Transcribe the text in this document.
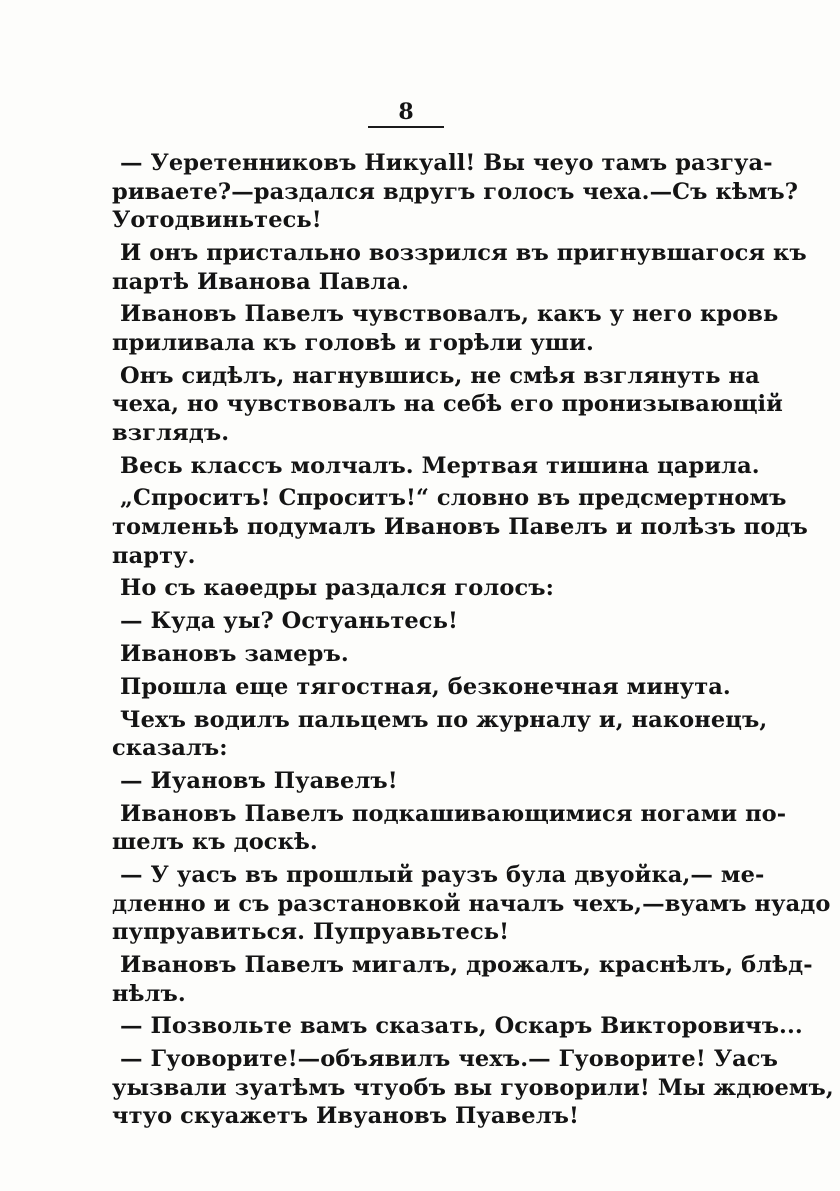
8
— Уеретенниковъ Никуаll! Вы чеуо тамъ разгуа-
риваете?—раздался вдругъ голосъ чеха.—Съ кѣмъ?
Уотодвиньтесь!
И онъ пристально воззрился въ пригнувшагося къ
партѣ Иванова Павла.
Ивановъ Павелъ чувствовалъ, какъ у него кровь
приливала къ головѣ и горѣли уши.
Онъ сидѣлъ, нагнувшись, не смѣя взглянуть на
чеха, но чувствовалъ на себѣ его пронизывающій
взглядъ.
Весь классъ молчалъ. Мертвая тишина царила.
„Спроситъ! Спроситъ!“ словно въ предсмертномъ
томленьѣ подумалъ Ивановъ Павелъ и полѣзъ подъ
парту.
Но съ каѳедры раздался голосъ:
— Куда уы? Остуаньтесь!
Ивановъ замеръ.
Прошла еще тягостная, безконечная минута.
Чехъ водилъ пальцемъ по журналу и, наконецъ,
сказалъ:
— Иуановъ Пуавелъ!
Ивановъ Павелъ подкашивающимися ногами по-
шелъ къ доскѣ.
— У уасъ въ прошлый раузъ була двуойка,— ме-
дленно и съ разстановкой началъ чехъ,—вуамъ нуадо
пупруавиться. Пупруавьтесь!
Ивановъ Павелъ мигалъ, дрожалъ, краснѣлъ, блѣд-
нѣлъ.
— Позвольте вамъ сказать, Оскаръ Викторовичъ...
— Гуоворите!—объявилъ чехъ.— Гуоворите! Уасъ
уызвали зуатѣмъ чтуобъ вы гуоворили! Мы ждюемъ,
чтуо скуажетъ Ивуановъ Пуавелъ!
